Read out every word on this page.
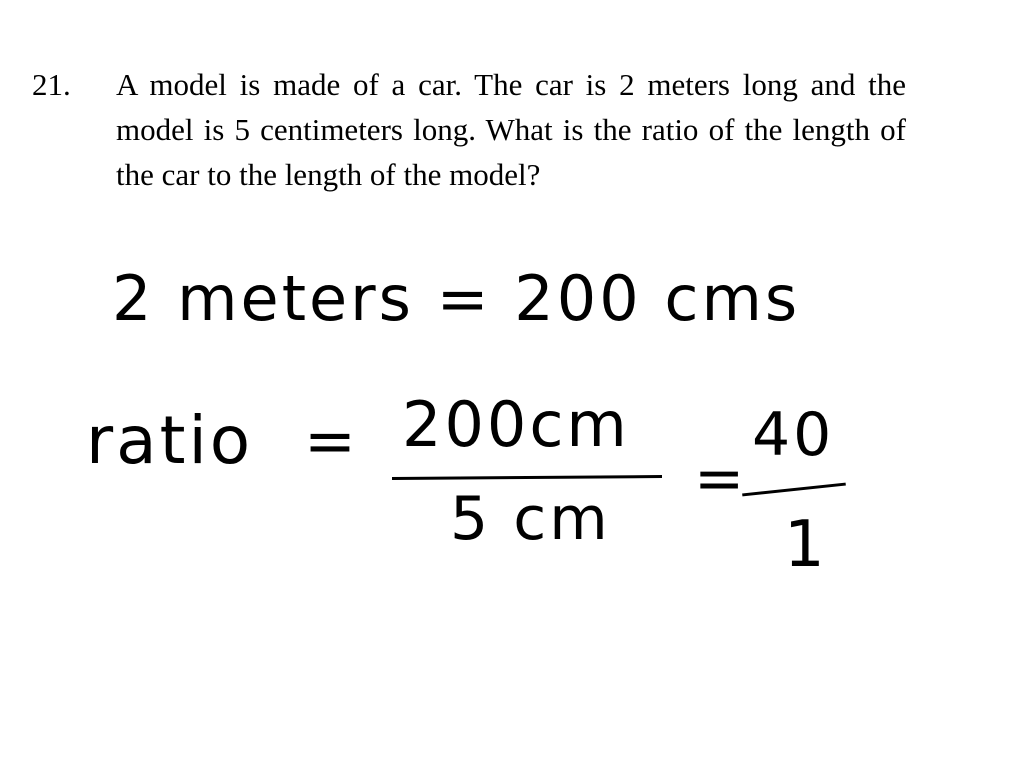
21.	A model is made of a car. The car is 2 meters long and the model is 5 centimeters long. What is the ratio of the length of the car to the length of the model?
2 meters = 200 cms
ratio = 200cm
5 cm
=
40
1
